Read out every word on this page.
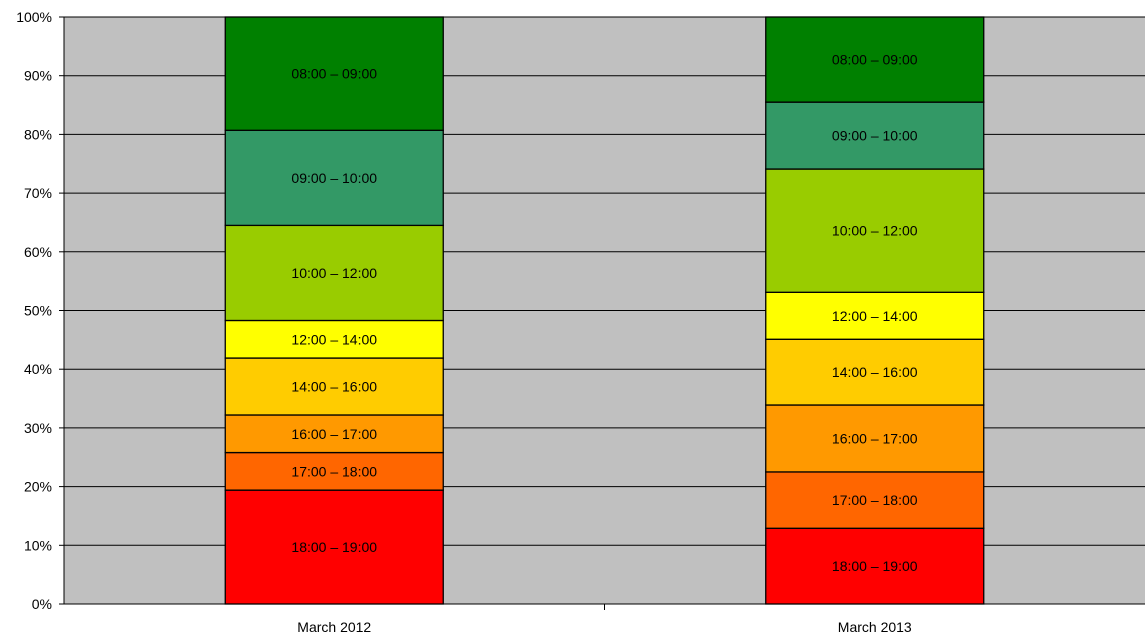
18:00 – 19:00
17:00 – 18:00
16:00 – 17:00
14:00 – 16:00
12:00 – 14:00
10:00 – 12:00
09:00 – 10:00
08:00 – 09:00
18:00 – 19:00
17:00 – 18:00
16:00 – 17:00
14:00 – 16:00
12:00 – 14:00
10:00 – 12:00
09:00 – 10:00
08:00 – 09:00
0%
10%
20%
30%
40%
50%
60%
70%
80%
90%
100%
March 2012	March 2013
